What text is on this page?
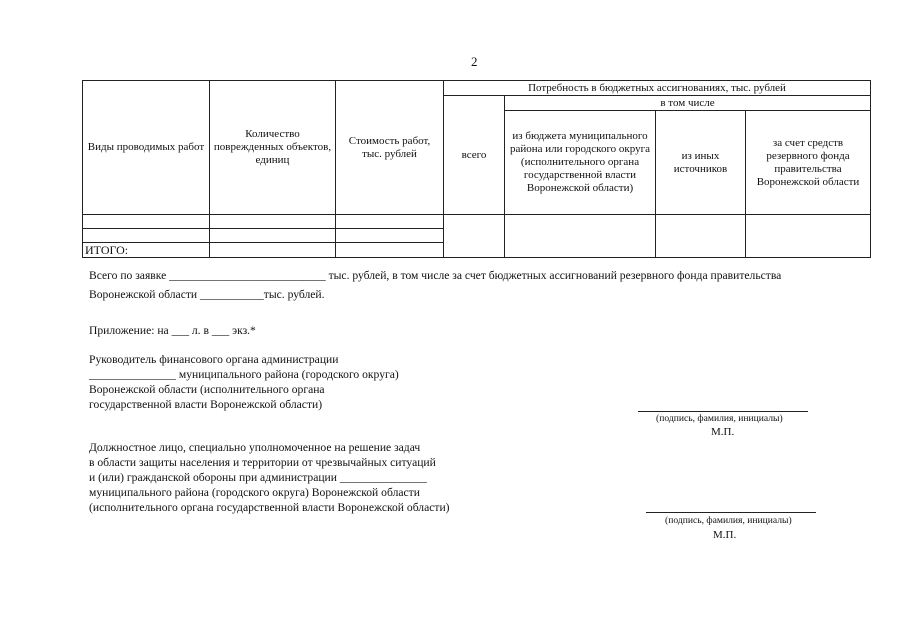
2
Виды проводимых работ	Количество поврежденных объектов, единиц	Стоимость работ, тыс. рублей	Потребность в бюджетных ассигнованиях, тыс. рублей			
			всего	в том числе		
				из бюджета муниципального района или городского округа (исполнительного органа государственной власти Воронежской области)	из иных источников	за счет средств резервного фонда правительства Воронежской области

ИТОГО:						
Всего по заявке ___________________________ тыс. рублей, в том числе за счет бюджетных ассигнований резервного фонда правительства
Воронежской области ___________тыс. рублей.
Приложение: на ___ л. в ___ экз.*
Руководитель финансового органа администрации
_______________ муниципального района (городского округа)
Воронежской области (исполнительного органа
государственной власти Воронежской области)
(подпись, фамилия, инициалы)
М.П.
Должностное лицо, специально уполномоченное на решение задач
в области защиты населения и территории от чрезвычайных ситуаций
и (или) гражданской обороны при администрации _______________
муниципального района (городского округа) Воронежской области
(исполнительного органа государственной власти Воронежской области)
(подпись, фамилия, инициалы)
М.П.
